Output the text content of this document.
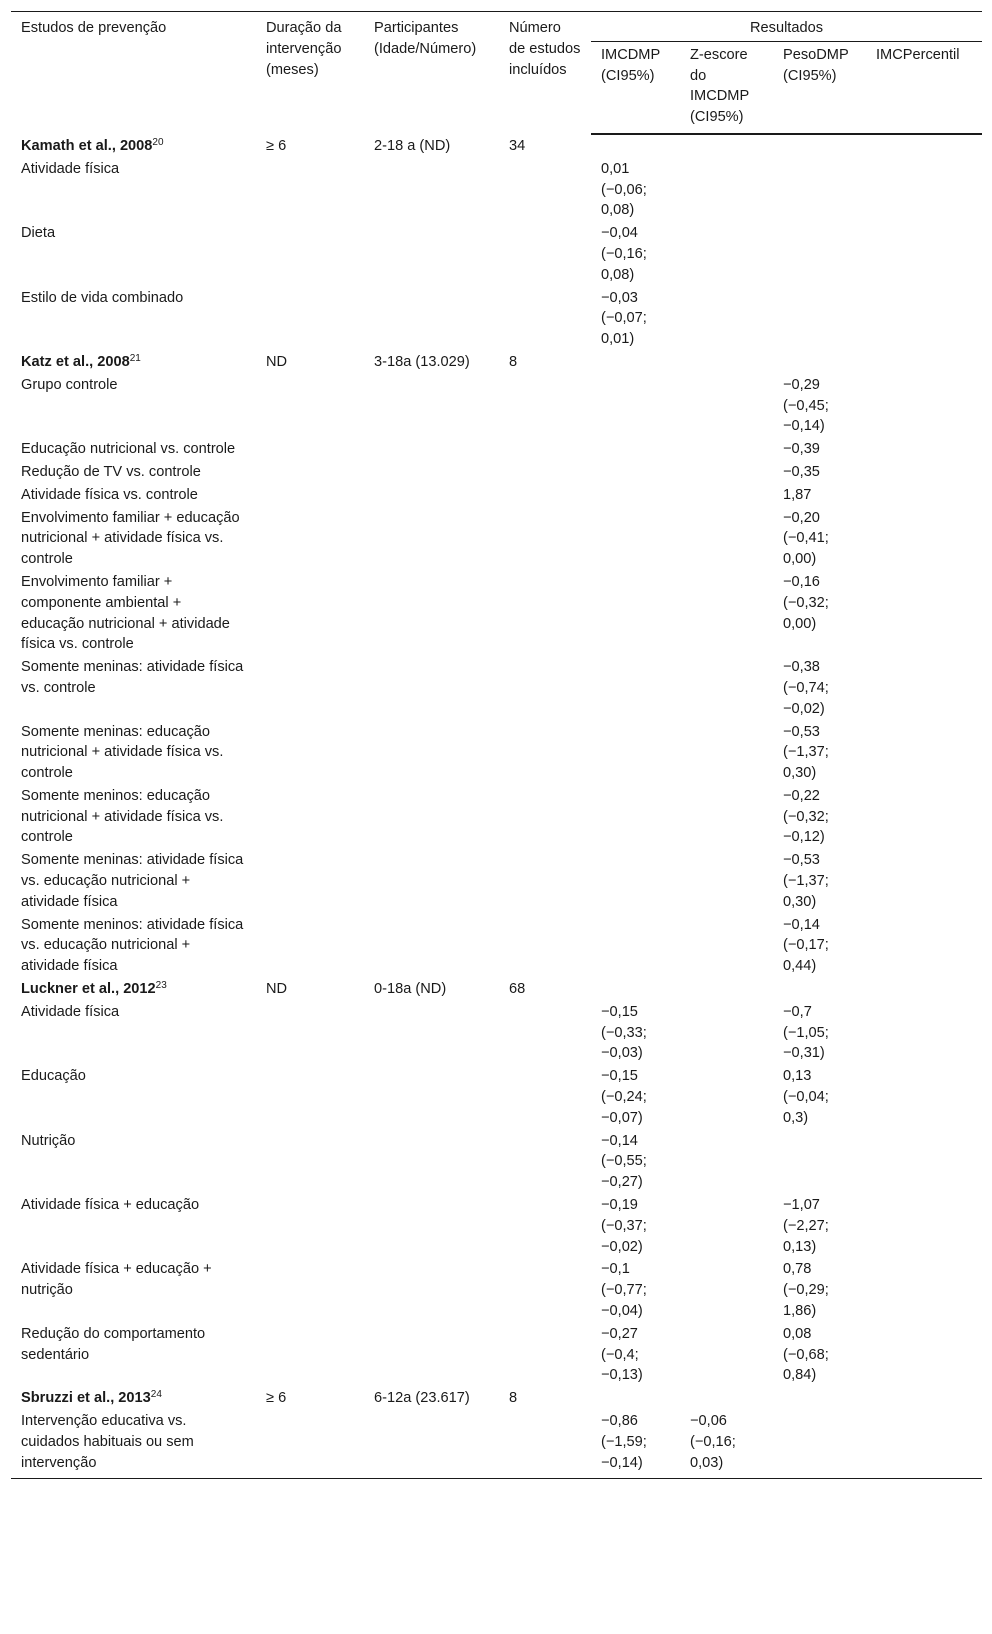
Estudos de prevenção	Duração da intervenção (meses)	Participantes (Idade/Número)	Número de estudos incluídos	Resultados			
				IMCDMP (CI95%)	Z-escore do IMCDMP (CI95%)	PesoDMP (CI95%)	IMCPercentil
Kamath et al., $2008^{20}$	≥ 6	2-18 a (ND)	34				
Atividade física				0,01 (−0,06; 0,08)			
Dieta				−0,04 (−0,16; 0,08)			
Estilo de vida combinado				−0,03 (−0,07; 0,01)			
Katz et al., 2008$^{21}$	ND	3-18a (13.029)	8				
Grupo controle						−0,29 (−0,45; −0,14)	
Educação nutricional vs. controle						−0,39	
Redução de TV vs. controle						−0,35	
Atividade física vs. controle						1,87	
Envolvimento familiar + educação nutricional + atividade física vs. controle						−0,20 (−0,41; 0,00)	
Envolvimento familiar + componente ambiental + educação nutricional + atividade física vs. controle						−0,16 (−0,32; 0,00)	
Somente meninas: atividade física vs. controle						−0,38 (−0,74; −0,02)	
Somente meninas: educação nutricional + atividade física vs. controle						−0,53 (−1,37; 0,30)	
Somente meninos: educação nutricional + atividade física vs. controle						−0,22 (−0,32; −0,12)	
Somente meninas: atividade física vs. educação nutricional + atividade física						−0,53 (−1,37; 0,30)	
Somente meninos: atividade física vs. educação nutricional + atividade física						−0,14 (−0,17; 0,44)	
Luckner et al., 2012$^{23}$	ND	0-18a (ND)	68				
Atividade física				−0,15 (−0,33; −0,03)		−0,7 (−1,05; −0,31)	
Educação				−0,15 (−0,24; −0,07)		0,13 (−0,04; 0,3)	
Nutrição				−0,14 (−0,55; −0,27)			
Atividade física + educação				−0,19 (−0,37; −0,02)		−1,07 (−2,27; 0,13)	
Atividade física + educação + nutrição				−0,1 (−0,77; −0,04)		0,78 (−0,29; 1,86)	
Redução do comportamento sedentário				−0,27 (−0,4; −0,13)		0,08 (−0,68; 0,84)	
Sbruzzi et al., $2013^{24}$	≥ 6	6-12a (23.617)	8				
Intervenção educativa vs. cuidados habituais ou sem intervenção				−0,86 (−1,59; −0,14)	−0,06 (−0,16; 0,03)		
